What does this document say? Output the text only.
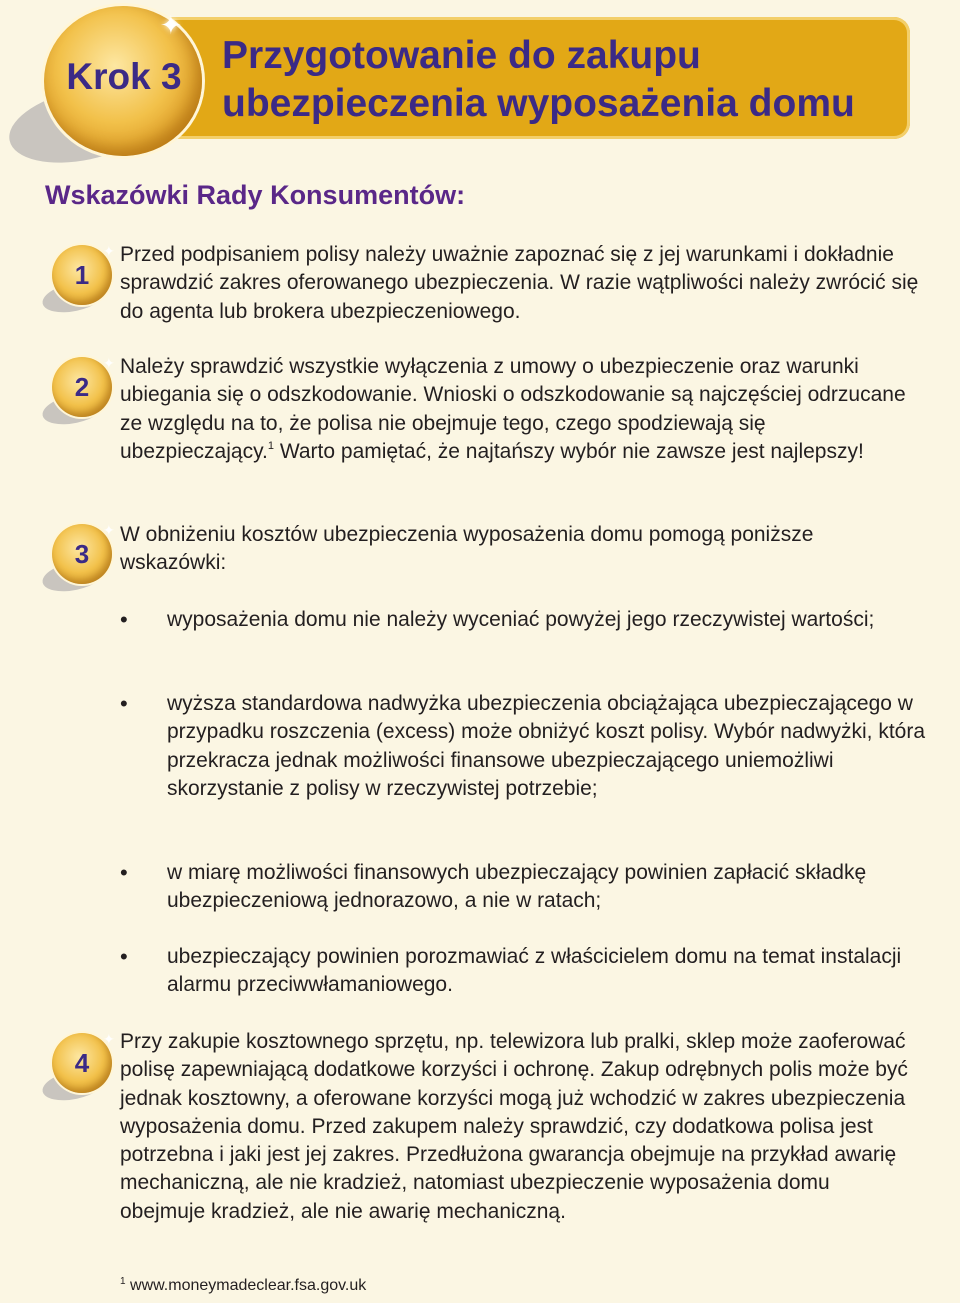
✦
Krok 3 Przygotowanie do zakupu
ubezpieczenia wyposażenia domu
Wskazówki Rady Konsumentów:
✦
1
Przed podpisaniem polisy należy uważnie zapoznać się z jej warunkami i dokładnie sprawdzić zakres oferowanego ubezpieczenia. W razie wątpliwości należy zwrócić się do agenta lub brokera ubezpieczeniowego.
✦
2
Należy sprawdzić wszystkie wyłączenia z umowy o ubezpieczenie oraz warunki ubiegania się o odszkodowanie. Wnioski o odszkodowanie są najczęściej odrzucane ze względu na to, że polisa nie obejmuje tego, czego spodziewają się ubezpieczający.$^1$ Warto pamiętać, że najtańszy wybór nie zawsze jest najlepszy!
✦
3
W obniżeniu kosztów ubezpieczenia wyposażenia domu pomogą poniższe wskazówki:
• wyposażenia domu nie należy wyceniać powyżej jego rzeczywistej wartości;
• wyższa standardowa nadwyżka ubezpieczenia obciążająca ubezpieczającego w przypadku roszczenia (excess) może obniżyć koszt polisy. Wybór nadwyżki, która przekracza jednak możliwości finansowe ubezpieczającego uniemożliwi skorzystanie z polisy w rzeczywistej potrzebie;
• w miarę możliwości finansowych ubezpieczający powinien zapłacić składkę ubezpieczeniową jednorazowo, a nie w ratach;
• ubezpieczający powinien porozmawiać z właścicielem domu na temat instalacji alarmu przeciwwłamaniowego.
✦
4
Przy zakupie kosztownego sprzętu, np. telewizora lub pralki, sklep może zaoferować polisę zapewniającą dodatkowe korzyści i ochronę. Zakup odrębnych polis może być jednak kosztowny, a oferowane korzyści mogą już wchodzić w zakres ubezpieczenia wyposażenia domu. Przed zakupem należy sprawdzić, czy dodatkowa polisa jest potrzebna i jaki jest jej zakres. Przedłużona gwarancja obejmuje na przykład awarię mechaniczną, ale nie kradzież, natomiast ubezpieczenie wyposażenia domu obejmuje kradzież, ale nie awarię mechaniczną.
$^1$ www.moneymadeclear.fsa.gov.uk
